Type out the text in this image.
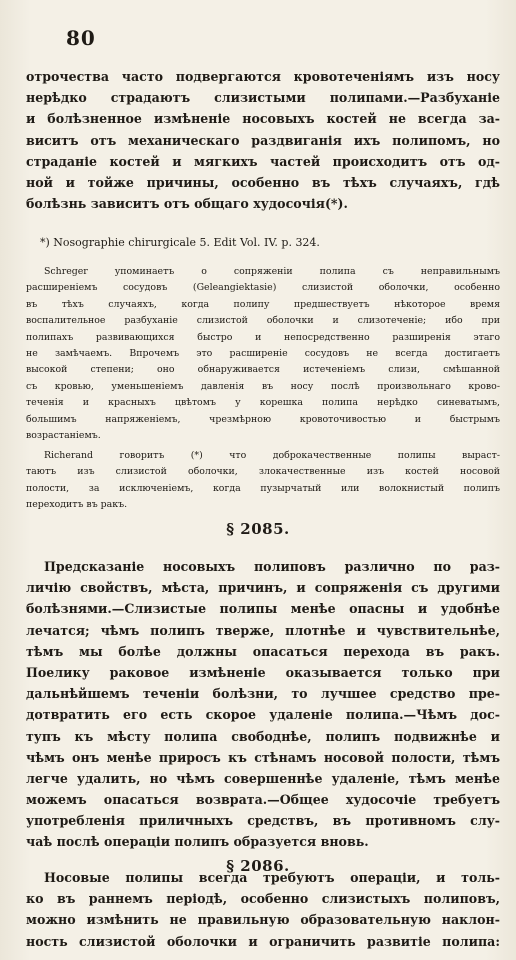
80
отрочества часто подвергаются кровотеченіямъ изъ носу
нерѣдко страдаютъ слизистыми полипами.—Разбуханіе
и болѣзненное измѣненіе носовыхъ костей не всегда за-
виситъ отъ механическаго раздвиганія ихъ полипомъ, но
страданіе костей и мягкихъ частей происходитъ отъ од-
ной и тойже причины, особенно въ тѣхъ случаяхъ, гдѣ
болѣзнь зависитъ отъ общаго худосочія(*).
*) Nosographie chirurgicale 5. Edit Vol. IV. p. 324.
Schreger упоминаетъ о сопряженіи полипа съ неправильнымъ
расширеніемъ сосудовъ (Geleangiektasie) слизистой оболочки, особенно
въ тѣхъ случаяхъ, когда полипу предшествуетъ нѣкоторое время
воспалительное разбуханіе слизистой оболочки и слизотеченіе; ибо при
полипахъ развивающихся быстро и непосредственно разширенія этаго
не замѣчаемъ. Впрочемъ это расширеніе сосудовъ не всегда достигаетъ
высокой степени; оно обнаруживается истеченіемъ слизи, смѣшанной
съ кровью, уменьшеніемъ давленія въ носу послѣ произвольнаго крово-
теченія и красныхъ цвѣтомъ у корешка полипа нерѣдко синеватымъ,
большимъ напряженіемъ, чрезмѣрною кровоточивостью и быстрымъ
возрастаніемъ.
Richerand говоритъ (*) что доброкачественные полипы выраст-
таютъ изъ слизистой оболочки, злокачественные изъ костей носовой
полости, за исключеніемъ, когда пузырчатый или волокнистый полипъ
переходитъ въ ракъ.
§ 2085.
Предсказаніе носовыхъ полиповъ различно по раз-
личію свойствъ, мѣста, причинъ, и сопряженія съ другими
болѣзнями.—Слизистые полипы менѣе опасны и удобнѣе
лечатся; чѣмъ полипъ тверже, плотнѣе и чувствительнѣе,
тѣмъ мы болѣе должны опасаться перехода въ ракъ.
Поелику раковое измѣненіе оказывается только при
дальнѣйшемъ теченіи болѣзни, то лучшее средство пре-
дотвратить его есть скорое удаленіе полипа.—Чѣмъ дос-
тупъ къ мѣсту полипа свободнѣе, полипъ подвижнѣе и
чѣмъ онъ менѣе приросъ къ стѣнамъ носовой полости, тѣмъ
легче удалить, но чѣмъ совершеннѣе удаленіе, тѣмъ менѣе
можемъ опасаться возврата.—Общее худосочіе требуетъ
употребленія приличныхъ средствъ, въ противномъ слу-
чаѣ послѣ операціи полипъ образуется вновь.
§ 2086.
Носовые полипы всегда требуютъ операціи, и толь-
ко въ раннемъ періодѣ, особенно слизистыхъ полиповъ,
можно измѣнить не правильную образовательную наклон-
ность слизистой оболочки и ограничить развитіе полипа:
